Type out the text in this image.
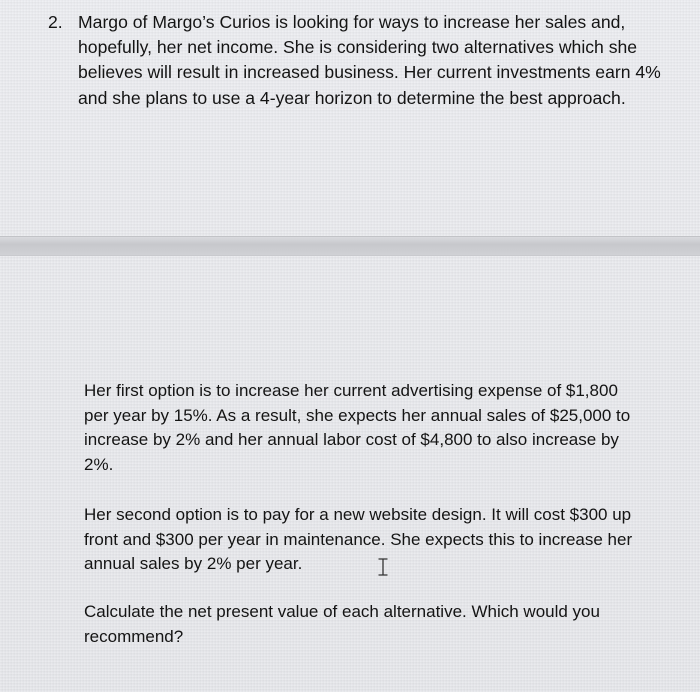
2. Margo of Margo’s Curios is looking for ways to increase her sales and, hopefully, her net income. She is considering two alternatives which she believes will result in increased business. Her current investments earn 4% and she plans to use a 4-year horizon to determine the best approach.
Her first option is to increase her current advertising expense of $1,800 per year by 15%. As a result, she expects her annual sales of $25,000 to increase by 2% and her annual labor cost of $4,800 to also increase by 2%.
Her second option is to pay for a new website design. It will cost $300 up front and $300 per year in maintenance. She expects this to increase her annual sales by 2% per year.
Calculate the net present value of each alternative. Which would you recommend?
